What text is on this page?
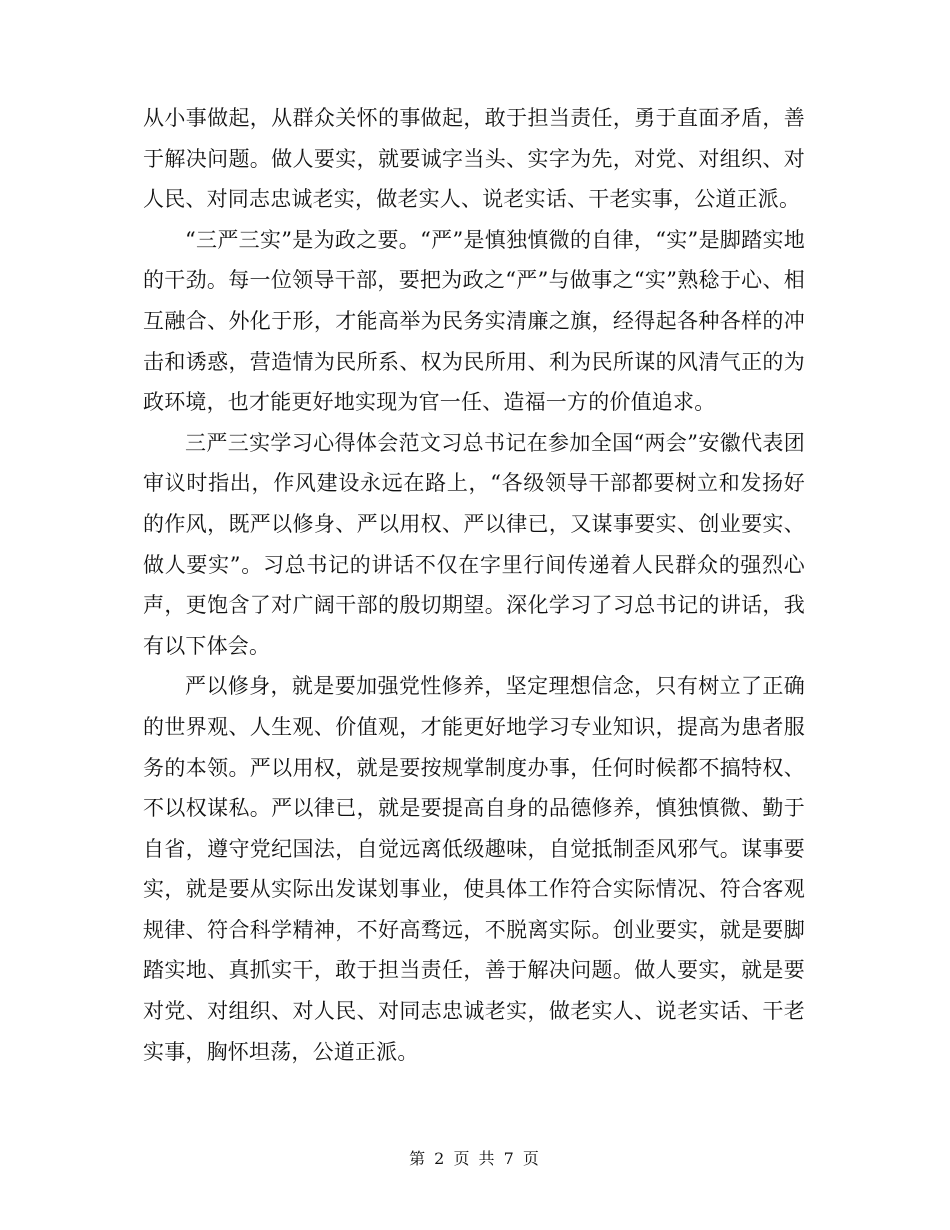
从小事做起，从群众关怀的事做起，敢于担当责任，勇于直面矛盾，善于解决问题。做人要实，就要诚字当头、实字为先，对党、对组织、对人民、对同志忠诚老实，做老实人、说老实话、干老实事，公道正派。

“三严三实”是为政之要。“严”是慎独慎微的自律，“实”是脚踏实地的干劲。每一位领导干部，要把为政之“严”与做事之“实”熟稔于心、相互融合、外化于形，才能高举为民务实清廉之旗，经得起各种各样的冲击和诱惑，营造情为民所系、权为民所用、利为民所谋的风清气正的为政环境，也才能更好地实现为官一任、造福一方的价值追求。

三严三实学习心得体会范文习总书记在参加全国“两会”安徽代表团审议时指出，作风建设永远在路上，“各级领导干部都要树立和发扬好的作风，既严以修身、严以用权、严以律已，又谋事要实、创业要实、做人要实”。习总书记的讲话不仅在字里行间传递着人民群众的强烈心声，更饱含了对广阔干部的殷切期望。深化学习了习总书记的讲话，我有以下体会。

严以修身，就是要加强党性修养，坚定理想信念，只有树立了正确的世界观、人生观、价值观，才能更好地学习专业知识，提高为患者服务的本领。严以用权，就是要按规掌制度办事，任何时候都不搞特权、不以权谋私。严以律已，就是要提高自身的品德修养，慎独慎微、勤于自省，遵守党纪国法，自觉远离低级趣味，自觉抵制歪风邪气。谋事要实，就是要从实际出发谋划事业，使具体工作符合实际情况、符合客观规律、符合科学精神，不好高骛远，不脱离实际。创业要实，就是要脚踏实地、真抓实干，敢于担当责任，善于解决问题。做人要实，就是要对党、对组织、对人民、对同志忠诚老实，做老实人、说老实话、干老实事，胸怀坦荡，公道正派。

第 2 页 共 7 页
